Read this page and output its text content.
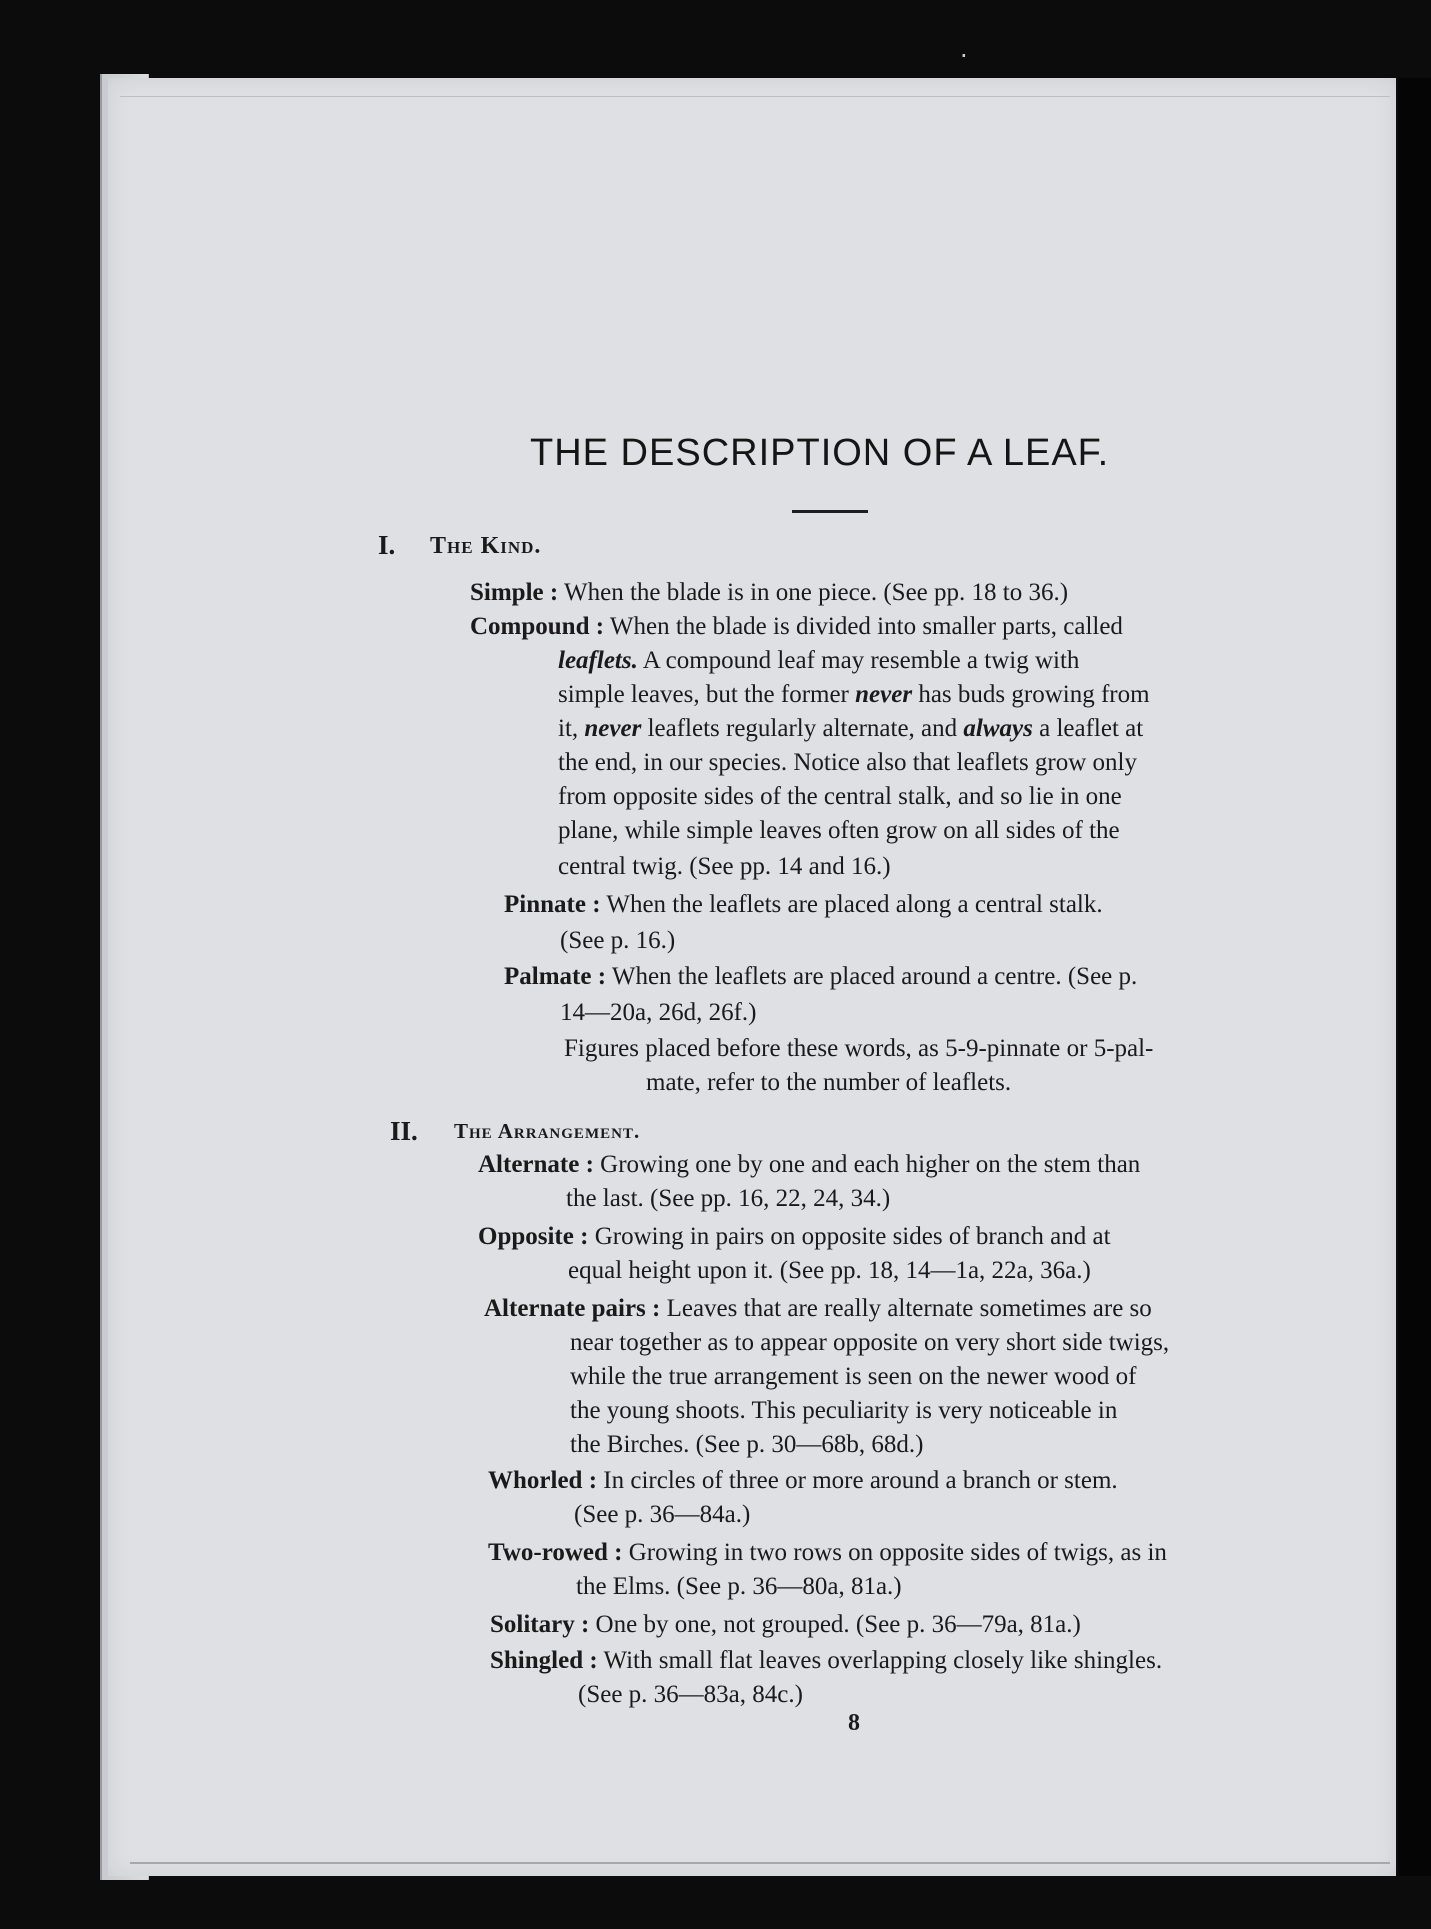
·
THE DESCRIPTION OF A LEAF.
I. The Kind.
Simple : When the blade is in one piece. (See pp. 18 to 36.)
Compound : When the blade is divided into smaller parts, called
leaflets. A compound leaf may resemble a twig with
simple leaves, but the former never has buds growing from
it, never leaflets regularly alternate, and always a leaflet at
the end, in our species. Notice also that leaflets grow only
from opposite sides of the central stalk, and so lie in one
plane, while simple leaves often grow on all sides of the
central twig. (See pp. 14 and 16.)
Pinnate : When the leaflets are placed along a central stalk.
(See p. 16.)
Palmate : When the leaflets are placed around a centre. (See p.
14—20a, 26d, 26f.)
Figures placed before these words, as 5-9-pinnate or 5-pal-
mate, refer to the number of leaflets.
II. The Arrangement.
Alternate : Growing one by one and each higher on the stem than
the last. (See pp. 16, 22, 24, 34.)
Opposite : Growing in pairs on opposite sides of branch and at
equal height upon it. (See pp. 18, 14—1a, 22a, 36a.)
Alternate pairs : Leaves that are really alternate sometimes are so
near together as to appear opposite on very short side twigs,
while the true arrangement is seen on the newer wood of
the young shoots. This peculiarity is very noticeable in
the Birches. (See p. 30—68b, 68d.)
Whorled : In circles of three or more around a branch or stem.
(See p. 36—84a.)
Two-rowed : Growing in two rows on opposite sides of twigs, as in
the Elms. (See p. 36—80a, 81a.)
Solitary : One by one, not grouped. (See p. 36—79a, 81a.)
Shingled : With small flat leaves overlapping closely like shingles.
(See p. 36—83a, 84c.)
8
